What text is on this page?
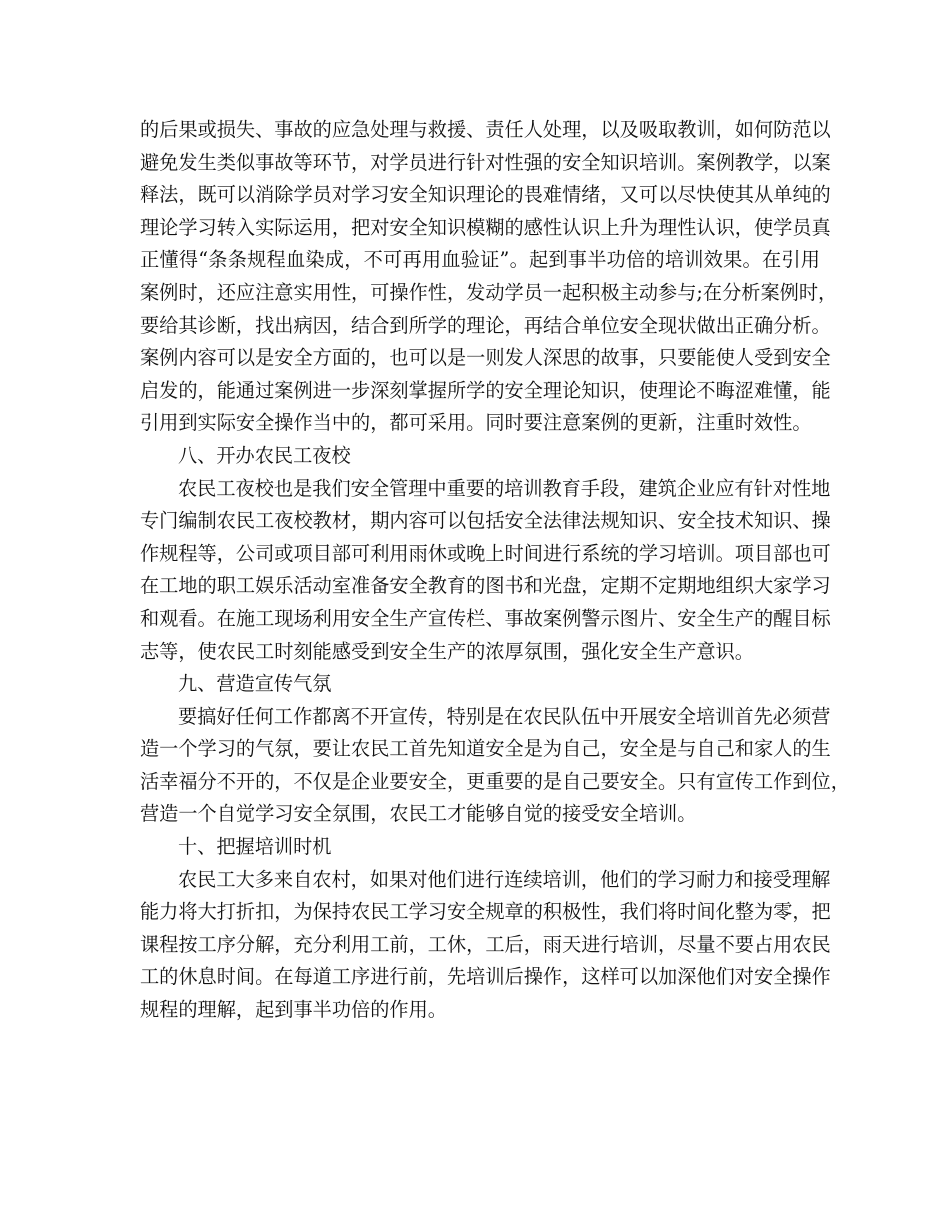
的后果或损失、事故的应急处理与救援、责任人处理，以及吸取教训，如何防范以
避免发生类似事故等环节，对学员进行针对性强的安全知识培训。案例教学，以案
释法，既可以消除学员对学习安全知识理论的畏难情绪，又可以尽快使其从单纯的
理论学习转入实际运用，把对安全知识模糊的感性认识上升为理性认识，使学员真
正懂得“条条规程血染成，不可再用血验证”。起到事半功倍的培训效果。在引用
案例时，还应注意实用性，可操作性，发动学员一起积极主动参与;在分析案例时，
要给其诊断，找出病因，结合到所学的理论，再结合单位安全现状做出正确分析。
案例内容可以是安全方面的，也可以是一则发人深思的故事，只要能使人受到安全
启发的，能通过案例进一步深刻掌握所学的安全理论知识，使理论不晦涩难懂，能
引用到实际安全操作当中的，都可采用。同时要注意案例的更新，注重时效性。
八、开办农民工夜校
农民工夜校也是我们安全管理中重要的培训教育手段，建筑企业应有针对性地
专门编制农民工夜校教材，期内容可以包括安全法律法规知识、安全技术知识、操
作规程等，公司或项目部可利用雨休或晚上时间进行系统的学习培训。项目部也可
在工地的职工娱乐活动室准备安全教育的图书和光盘，定期不定期地组织大家学习
和观看。在施工现场利用安全生产宣传栏、事故案例警示图片、安全生产的醒目标
志等，使农民工时刻能感受到安全生产的浓厚氛围，强化安全生产意识。
九、营造宣传气氛
要搞好任何工作都离不开宣传，特别是在农民队伍中开展安全培训首先必须营
造一个学习的气氛，要让农民工首先知道安全是为自己，安全是与自己和家人的生
活幸福分不开的，不仅是企业要安全，更重要的是自己要安全。只有宣传工作到位，
营造一个自觉学习安全氛围，农民工才能够自觉的接受安全培训。
十、把握培训时机
农民工大多来自农村，如果对他们进行连续培训，他们的学习耐力和接受理解
能力将大打折扣，为保持农民工学习安全规章的积极性，我们将时间化整为零，把
课程按工序分解，充分利用工前，工休，工后，雨天进行培训，尽量不要占用农民
工的休息时间。在每道工序进行前，先培训后操作，这样可以加深他们对安全操作
规程的理解，起到事半功倍的作用。
